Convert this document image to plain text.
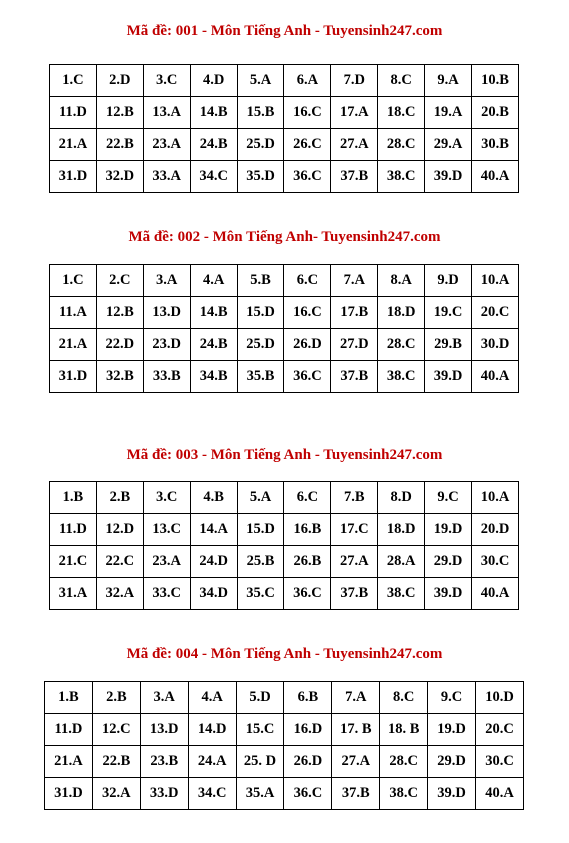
Mã đề: 001 - Môn Tiếng Anh - Tuyensinh247.com
1.C	2.D	3.C	4.D	5.A	6.A	7.D	8.C	9.A	10.B
11.D	12.B	13.A	14.B	15.B	16.C	17.A	18.C	19.A	20.B
21.A	22.B	23.A	24.B	25.D	26.C	27.A	28.C	29.A	30.B
31.D	32.D	33.A	34.C	35.D	36.C	37.B	38.C	39.D	40.A
Mã đề: 002 - Môn Tiếng Anh- Tuyensinh247.com
1.C	2.C	3.A	4.A	5.B	6.C	7.A	8.A	9.D	10.A
11.A	12.B	13.D	14.B	15.D	16.C	17.B	18.D	19.C	20.C
21.A	22.D	23.D	24.B	25.D	26.D	27.D	28.C	29.B	30.D
31.D	32.B	33.B	34.B	35.B	36.C	37.B	38.C	39.D	40.A
Mã đề: 003 - Môn Tiếng Anh - Tuyensinh247.com
1.B	2.B	3.C	4.B	5.A	6.C	7.B	8.D	9.C	10.A
11.D	12.D	13.C	14.A	15.D	16.B	17.C	18.D	19.D	20.D
21.C	22.C	23.A	24.D	25.B	26.B	27.A	28.A	29.D	30.C
31.A	32.A	33.C	34.D	35.C	36.C	37.B	38.C	39.D	40.A
Mã đề: 004 - Môn Tiếng Anh - Tuyensinh247.com
1.B	2.B	3.A	4.A	5.D	6.B	7.A	8.C	9.C	10.D
11.D	12.C	13.D	14.D	15.C	16.D	17. B	18. B	19.D	20.C
21.A	22.B	23.B	24.A	25. D	26.D	27.A	28.C	29.D	30.C
31.D	32.A	33.D	34.C	35.A	36.C	37.B	38.C	39.D	40.A
